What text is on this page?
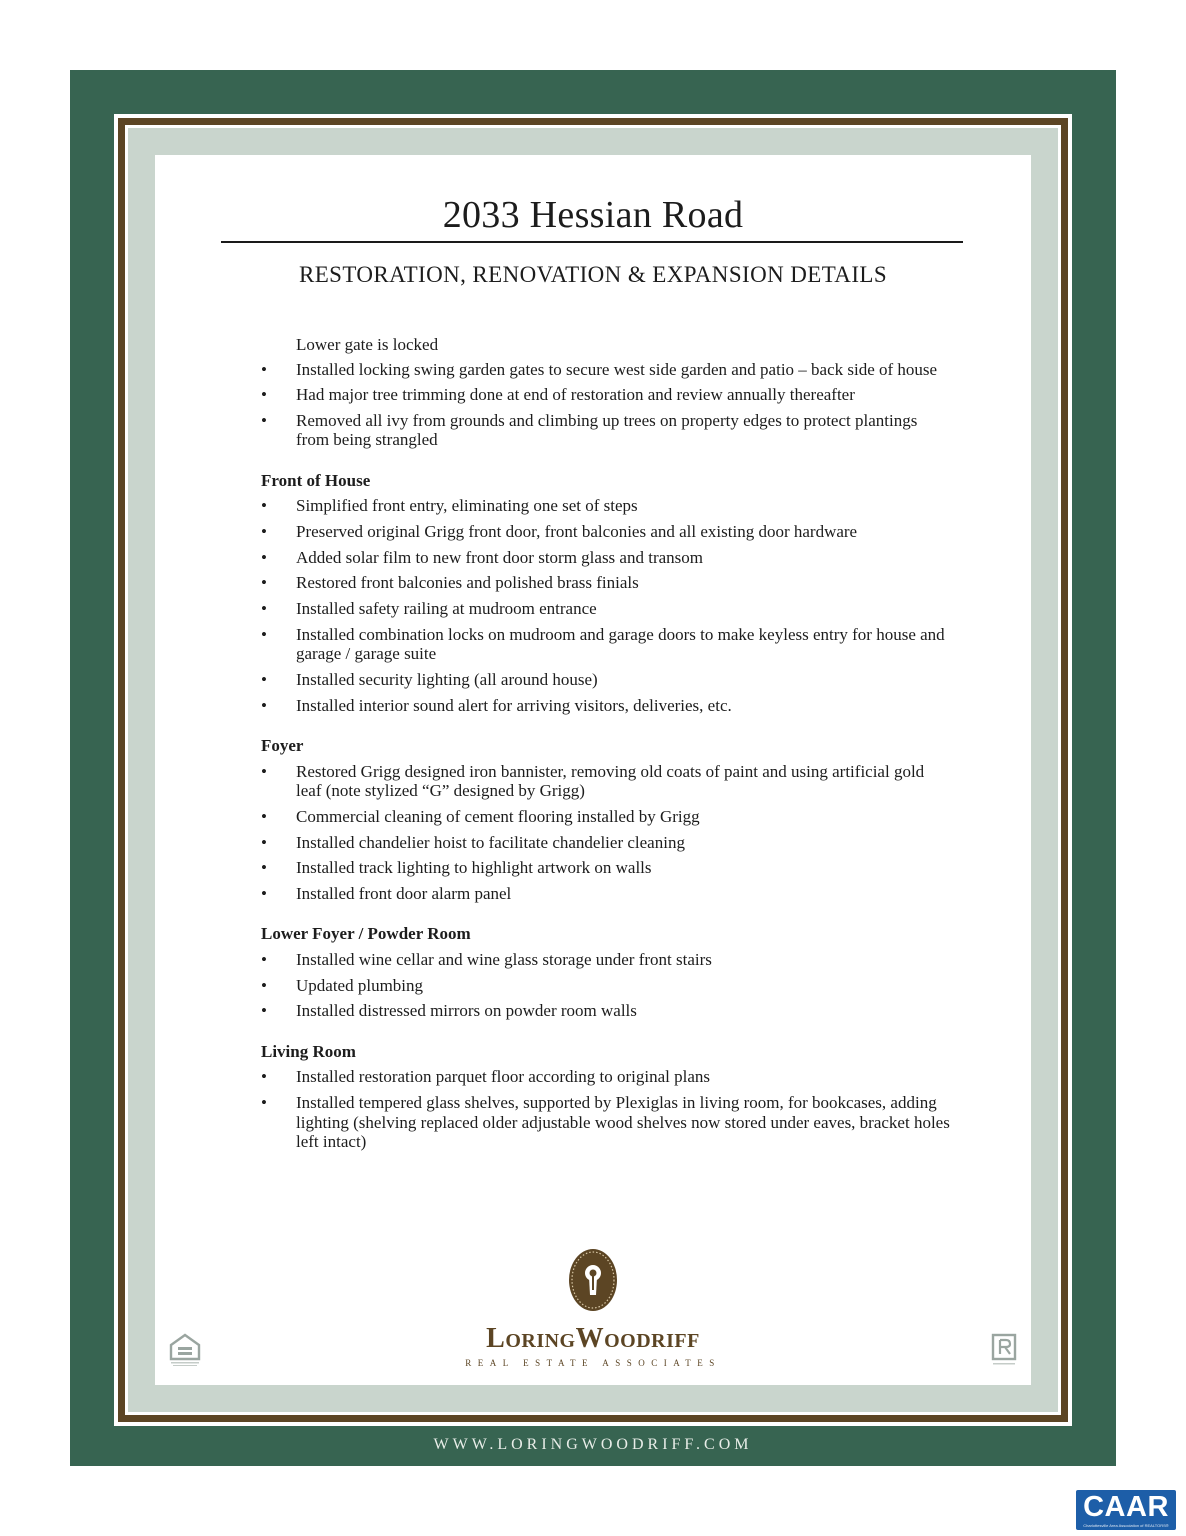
2033 Hessian Road
RESTORATION, RENOVATION & EXPANSION DETAILS
Lower gate is locked
•	Installed locking swing garden gates to secure west side garden and patio – back side of house
•	Had major tree trimming done at end of restoration and review annually thereafter
•	Removed all ivy from grounds and climbing up trees on property edges to protect plantings from being strangled
Front of House
•	Simplified front entry, eliminating one set of steps
•	Preserved original Grigg front door, front balconies and all existing door hardware
•	Added solar film to new front door storm glass and transom
•	Restored front balconies and polished brass finials
•	Installed safety railing at mudroom entrance
•	Installed combination locks on mudroom and garage doors to make keyless entry for house and garage / garage suite
•	Installed security lighting (all around house)
•	Installed interior sound alert for arriving visitors, deliveries, etc.
Foyer
•	Restored Grigg designed iron bannister, removing old coats of paint and using artificial gold leaf (note stylized “G” designed by Grigg)
•	Commercial cleaning of cement flooring installed by Grigg
•	Installed chandelier hoist to facilitate chandelier cleaning
•	Installed track lighting to highlight artwork on walls
•	Installed front door alarm panel
Lower Foyer / Powder Room
•	Installed wine cellar and wine glass storage under front stairs
•	Updated plumbing
•	Installed distressed mirrors on powder room walls
Living Room
•	Installed restoration parquet floor according to original plans
•	Installed tempered glass shelves, supported by Plexiglas in living room, for bookcases, adding lighting (shelving replaced older adjustable wood shelves now stored under eaves, bracket holes left intact)
LoringWoodriff
REAL ESTATE ASSOCIATES
WWW.LORINGWOODRIFF.COM
CAAR
Charlottesville Area Association of REALTORS®
